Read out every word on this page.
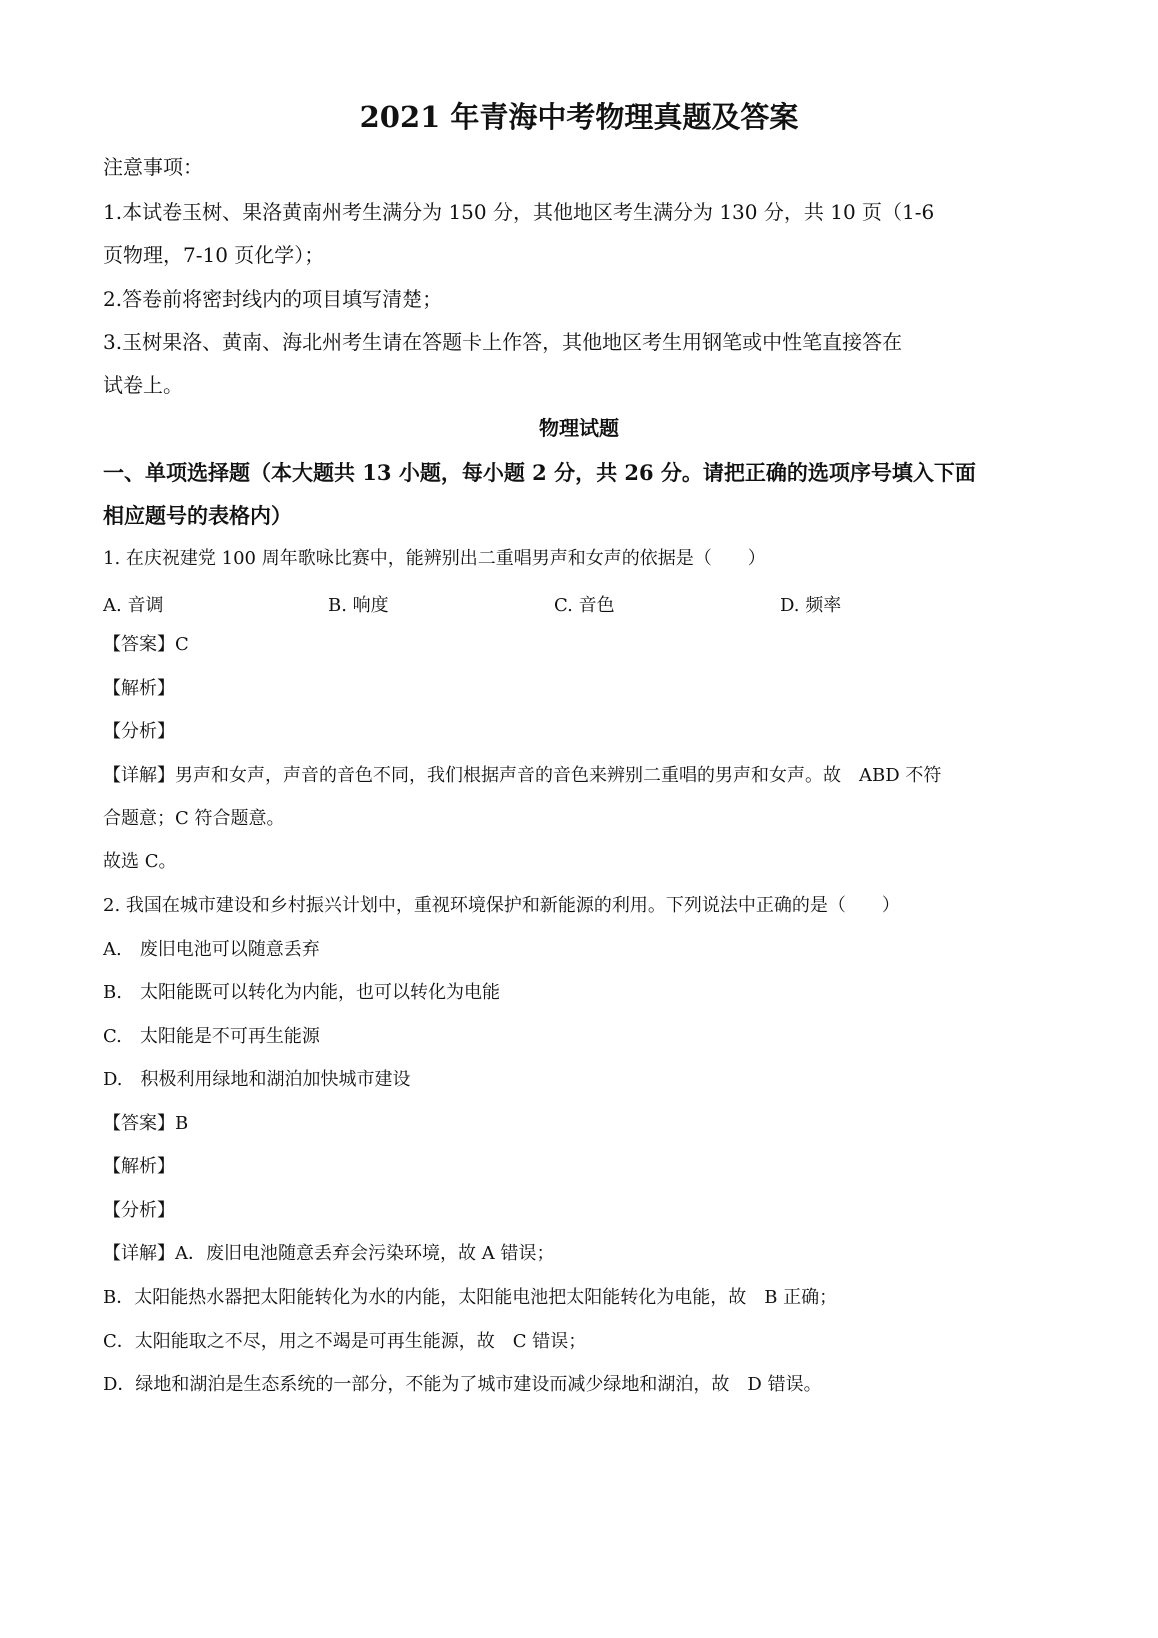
2021 年青海中考物理真题及答案
注意事项：
1.本试卷玉树、果洛黄南州考生满分为 150 分，其他地区考生满分为 130 分，共 10 页（1-6
页物理，7-10 页化学）；
2.答卷前将密封线内的项目填写清楚；
3.玉树果洛、黄南、海北州考生请在答题卡上作答，其他地区考生用钢笔或中性笔直接答在
试卷上。
物理试题
一、单项选择题（本大题共 13 小题，每小题 2 分，共 26 分。请把正确的选项序号填入下面
相应题号的表格内）
1. 在庆祝建党 100 周年歌咏比赛中，能辨别出二重唱男声和女声的依据是（　　）
A. 音调	B. 响度	C. 音色	D. 频率
【答案】C
【解析】
【分析】
【详解】男声和女声，声音的音色不同，我们根据声音的音色来辨别二重唱的男声和女声。故　ABD 不符
合题意；C 符合题意。
故选 C。
2. 我国在城市建设和乡村振兴计划中，重视环境保护和新能源的利用。下列说法中正确的是（　　）
A.　废旧电池可以随意丢弃
B.　太阳能既可以转化为内能，也可以转化为电能
C.　太阳能是不可再生能源
D.　积极利用绿地和湖泊加快城市建设
【答案】B
【解析】
【分析】
【详解】A．废旧电池随意丢弃会污染环境，故 A 错误；
B．太阳能热水器把太阳能转化为水的内能，太阳能电池把太阳能转化为电能，故　B 正确；
C．太阳能取之不尽，用之不竭是可再生能源，故　C 错误；
D．绿地和湖泊是生态系统的一部分，不能为了城市建设而减少绿地和湖泊，故　D 错误。
